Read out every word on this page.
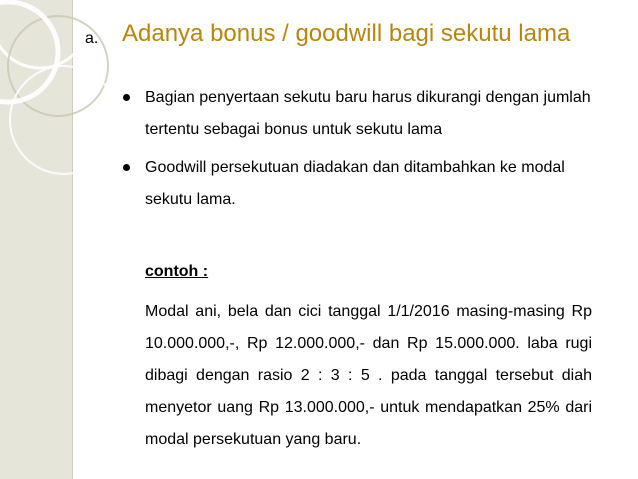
a. Adanya bonus / goodwill bagi sekutu lama
Bagian penyertaan sekutu baru harus dikurangi dengan jumlah tertentu sebagai bonus untuk sekutu lama
Goodwill persekutuan diadakan dan ditambahkan ke modal sekutu lama.
contoh :
Modal ani, bela dan cici tanggal 1/1/2016 masing-masing Rp 10.000.000,-, Rp 12.000.000,- dan Rp 15.000.000. laba rugi dibagi dengan rasio 2 : 3 : 5 . pada tanggal tersebut diah menyetor uang Rp 13.000.000,- untuk mendapatkan 25% dari modal persekutuan yang baru.
